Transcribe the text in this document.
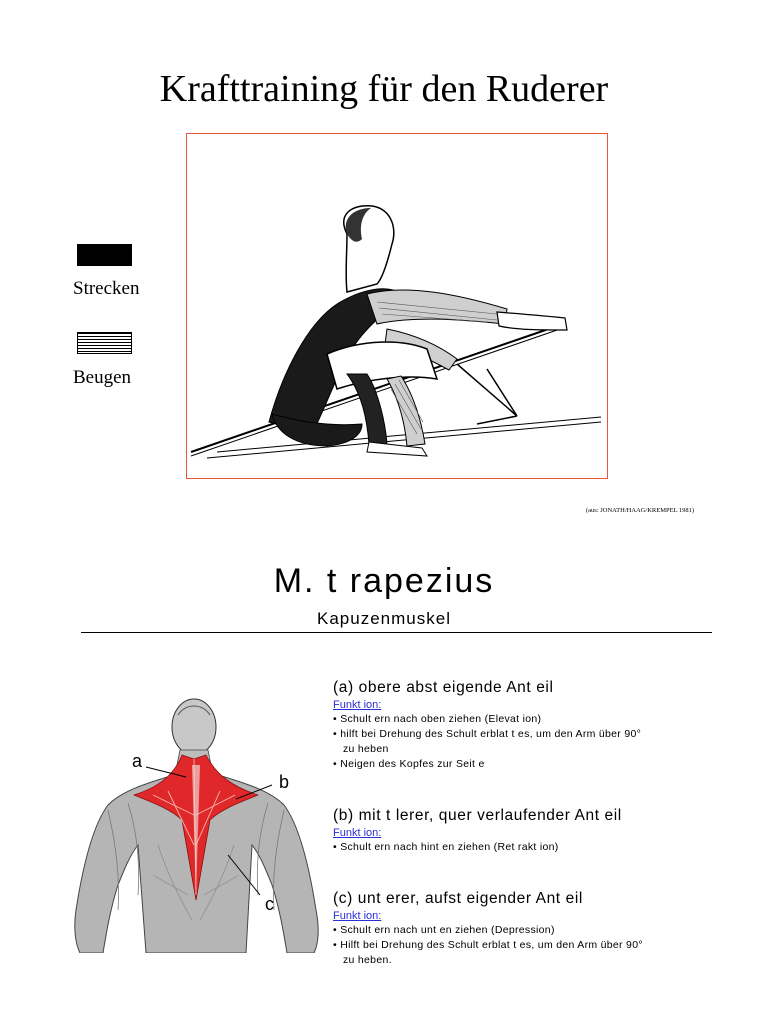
Krafttraining für den Ruderer
Strecken
Beugen
(aus: JONATH/HAAG/KREMPEL 1981)
M. t rapezius
Kapuzenmuskel
a
b
c
(a) obere abst eigende Ant eil
Funkt ion:
• Schult ern nach oben ziehen (Elevat ion)
• hilft bei Drehung des Schult erblat t es, um den Arm über 90°
zu heben
• Neigen des Kopfes zur Seit e
(b) mit t lerer, quer verlaufender Ant eil
Funkt ion:
• Schult ern nach hint en ziehen (Ret rakt ion)
(c) unt erer, aufst eigender Ant eil
Funkt ion:
• Schult ern nach unt en ziehen (Depression)
• Hilft bei Drehung des Schult erblat t es, um den Arm über 90°
zu heben.
